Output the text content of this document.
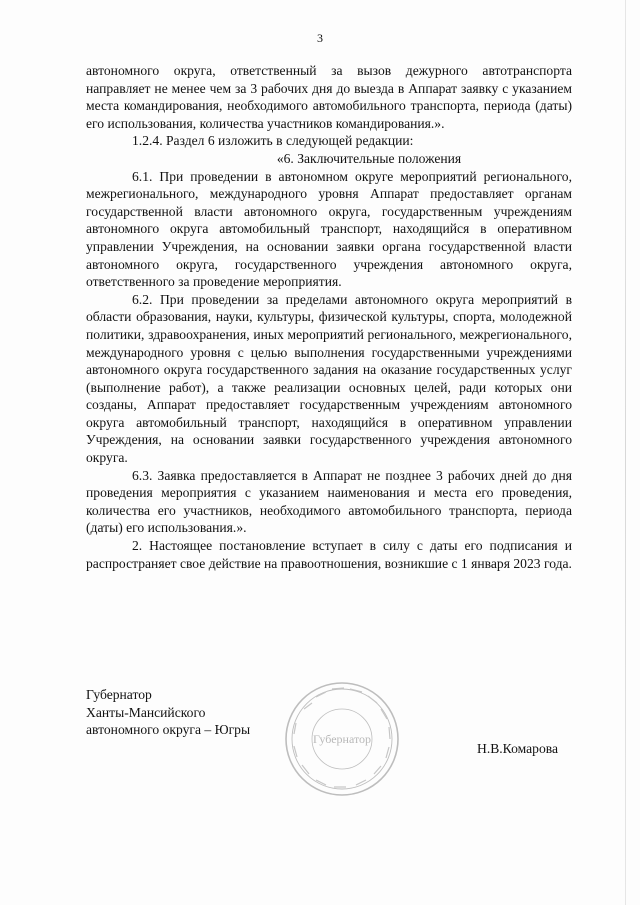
3

автономного округа, ответственный за вызов дежурного автотранспорта направляет не менее чем за 3 рабочих дня до выезда в Аппарат заявку с указанием места командирования, необходимого автомобильного транспорта, периода (даты) его использования, количества участников командирования.».

1.2.4. Раздел 6 изложить в следующей редакции:

«6. Заключительные положения

6.1. При проведении в автономном округе мероприятий регионального, межрегионального, международного уровня Аппарат предоставляет органам государственной власти автономного округа, государственным учреждениям автономного округа автомобильный транспорт, находящийся в оперативном управлении Учреждения, на основании заявки органа государственной власти автономного округа, государственного учреждения автономного округа, ответственного за проведение мероприятия.

6.2. При проведении за пределами автономного округа мероприятий в области образования, науки, культуры, физической культуры, спорта, молодежной политики, здравоохранения, иных мероприятий регионального, межрегионального, международного уровня с целью выполнения государственными учреждениями автономного округа государственного задания на оказание государственных услуг (выполнение работ), а также реализации основных целей, ради которых они созданы, Аппарат предоставляет государственным учреждениям автономного округа автомобильный транспорт, находящийся в оперативном управлении Учреждения, на основании заявки государственного учреждения автономного округа.

6.3. Заявка предоставляется в Аппарат не позднее 3 рабочих дней до дня проведения мероприятия с указанием наименования и места его проведения, количества его участников, необходимого автомобильного транспорта, периода (даты) его использования.».

2. Настоящее постановление вступает в силу с даты его подписания и распространяет свое действие на правоотношения, возникшие с 1 января 2023 года.

Губернатор
Ханты-Мансийского
автономного округа – Югры
Губернатор
Н.В.Комарова
